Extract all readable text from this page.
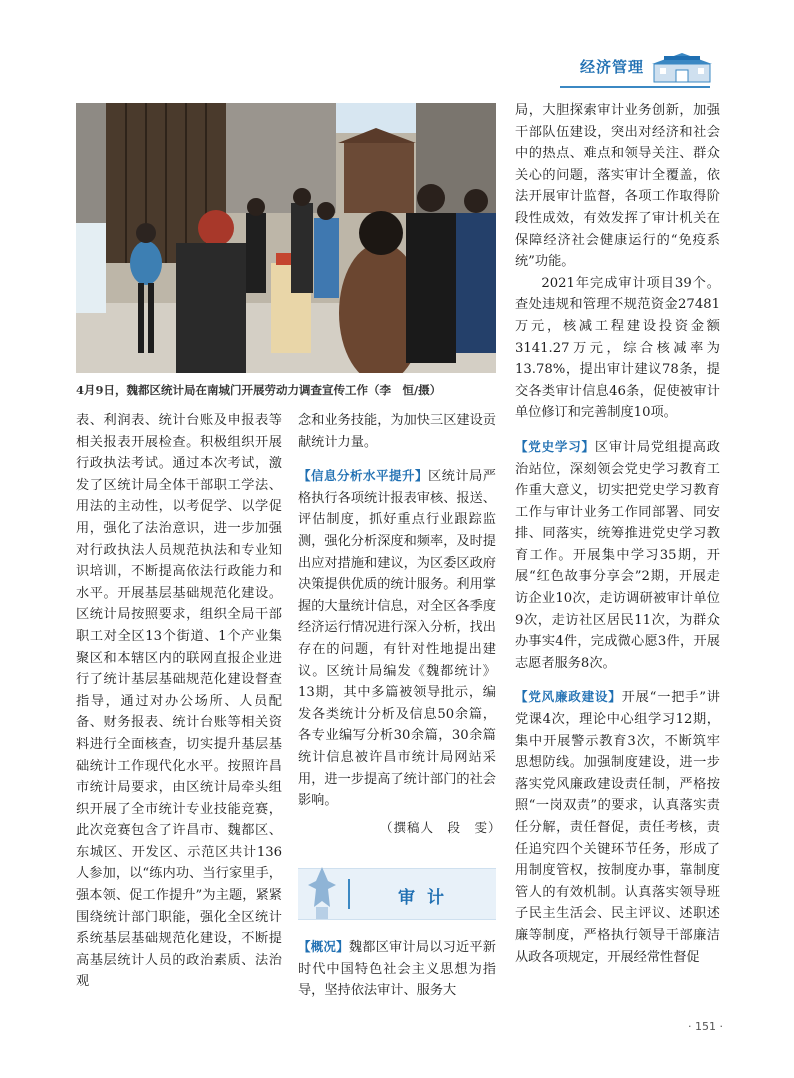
经济管理
4月9日，魏都区统计局在南城门开展劳动力调查宣传工作（李　恒/摄）

表、利润表、统计台账及申报表等相关报表开展检查。积极组织开展行政执法考试。通过本次考试，激发了区统计局全体干部职工学法、用法的主动性，以考促学、以学促用，强化了法治意识，进一步加强对行政执法人员规范执法和专业知识培训，不断提高依法行政能力和水平。开展基层基础规范化建设。区统计局按照要求，组织全局干部职工对全区13个街道、1个产业集聚区和本辖区内的联网直报企业进行了统计基层基础规范化建设督查指导，通过对办公场所、人员配备、财务报表、统计台账等相关资料进行全面核查，切实提升基层基础统计工作现代化水平。按照许昌市统计局要求，由区统计局牵头组织开展了全市统计专业技能竞赛，此次竞赛包含了许昌市、魏都区、东城区、开发区、示范区共计136人参加，以“练内功、当行家里手，强本领、促工作提升”为主题，紧紧围绕统计部门职能，强化全区统计系统基层基础规范化建设，不断提高基层统计人员的政治素质、法治观

念和业务技能，为加快三区建设贡献统计力量。

【信息分析水平提升】区统计局严格执行各项统计报表审核、报送、评估制度，抓好重点行业跟踪监测，强化分析深度和频率，及时提出应对措施和建议，为区委区政府决策提供优质的统计服务。利用掌握的大量统计信息，对全区各季度经济运行情况进行深入分析，找出存在的问题，有针对性地提出建议。区统计局编发《魏都统计》13期，其中多篇被领导批示，编发各类统计分析及信息50余篇，各专业编写分析30余篇，30余篇统计信息被许昌市统计局网站采用，进一步提高了统计部门的社会影响。

（撰稿人　段　雯）
审计

【概况】魏都区审计局以习近平新时代中国特色社会主义思想为指导，坚持依法审计、服务大

局，大胆探索审计业务创新，加强干部队伍建设，突出对经济和社会中的热点、难点和领导关注、群众关心的问题，落实审计全覆盖，依法开展审计监督，各项工作取得阶段性成效，有效发挥了审计机关在保障经济社会健康运行的“免疫系统”功能。

2021年完成审计项目39个。查处违规和管理不规范资金27481万元，核减工程建设投资金额3141.27万元，综合核减率为13.78%，提出审计建议78条，提交各类审计信息46条，促使被审计单位修订和完善制度10项。

【党史学习】区审计局党组提高政治站位，深刻领会党史学习教育工作重大意义，切实把党史学习教育工作与审计业务工作同部署、同安排、同落实，统筹推进党史学习教育工作。开展集中学习35期，开展“红色故事分享会”2期，开展走访企业10次，走访调研被审计单位9次，走访社区居民11次，为群众办事实4件，完成微心愿3件，开展志愿者服务8次。

【党风廉政建设】开展“一把手”讲党课4次，理论中心组学习12期，集中开展警示教育3次，不断筑牢思想防线。加强制度建设，进一步落实党风廉政建设责任制，严格按照“一岗双责”的要求，认真落实责任分解，责任督促，责任考核，责任追究四个关键环节任务，形成了用制度管权，按制度办事，靠制度管人的有效机制。认真落实领导班子民主生活会、民主评议、述职述廉等制度，严格执行领导干部廉洁从政各项规定，开展经常性督促

· 151 ·
